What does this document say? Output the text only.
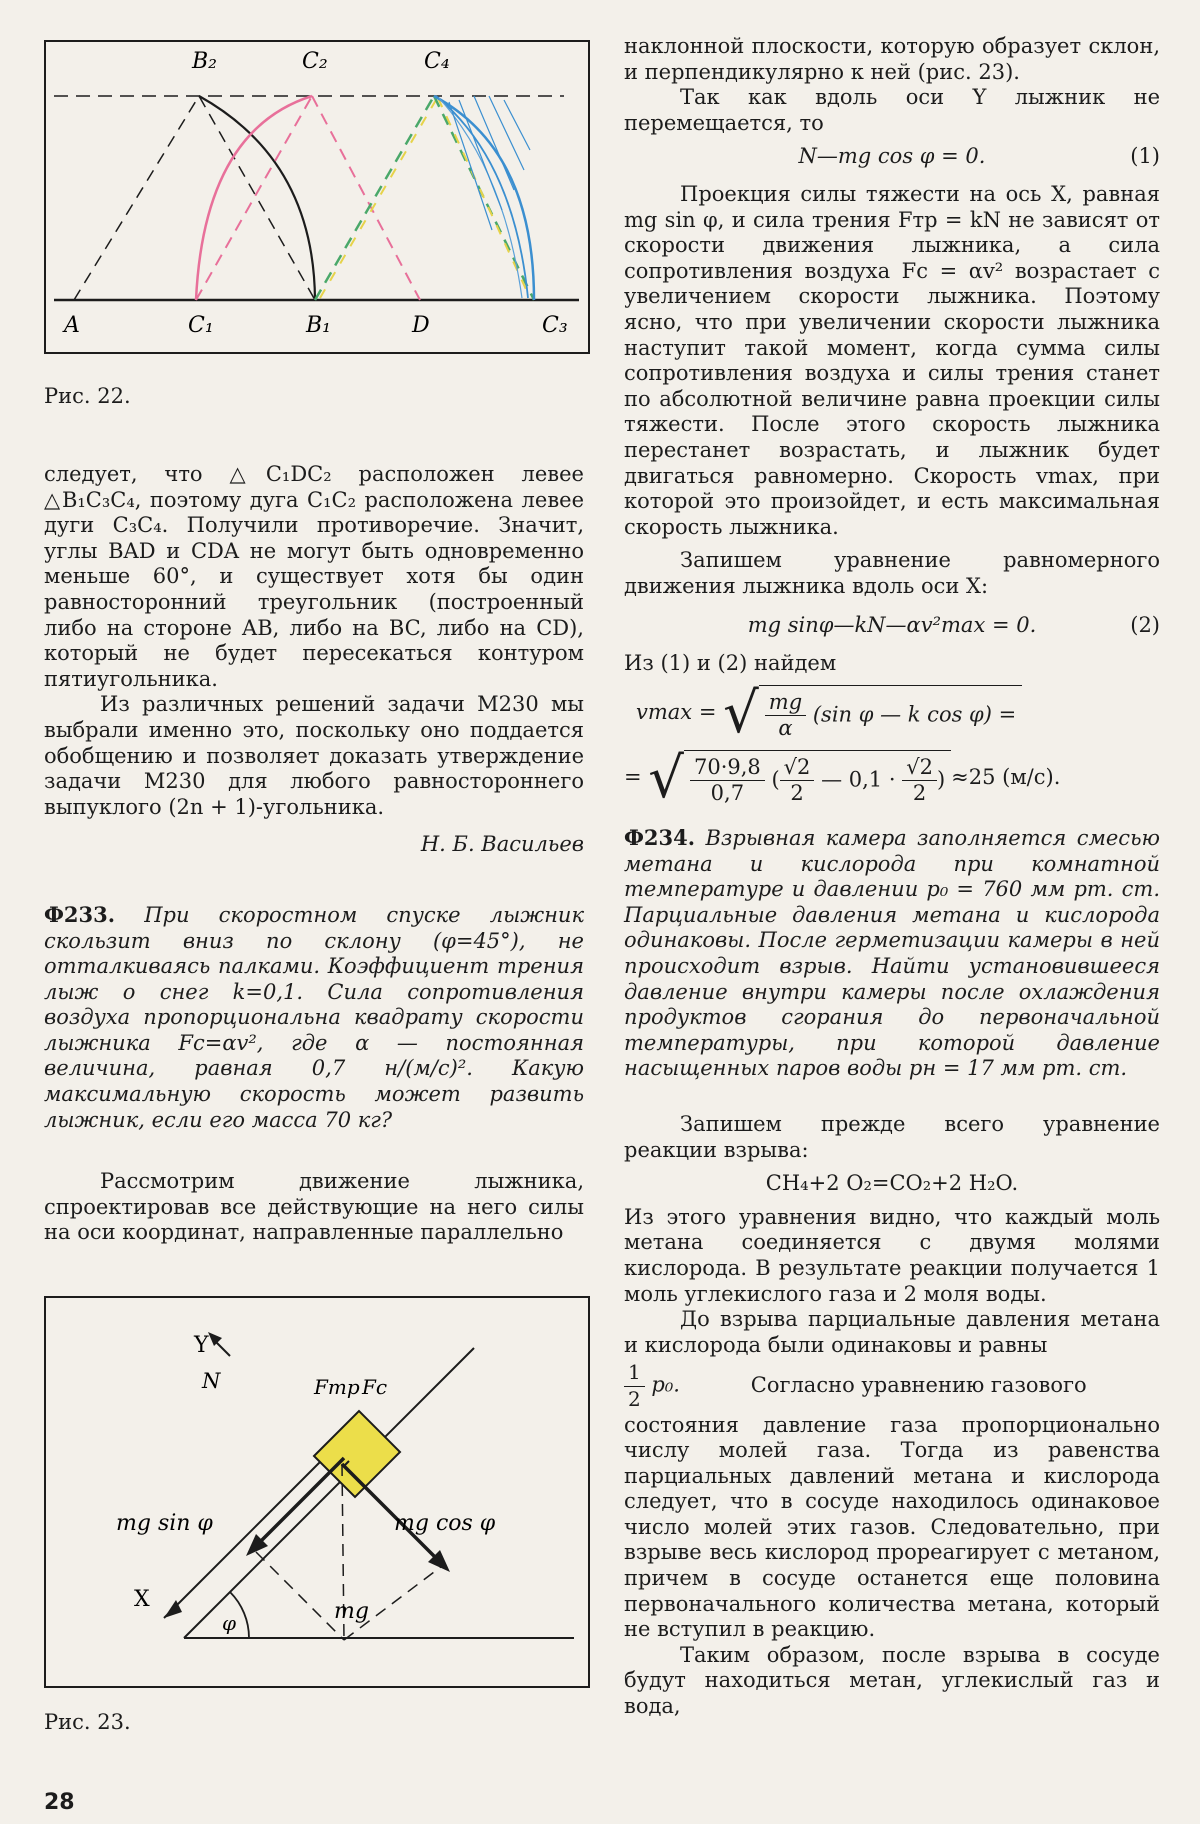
B₂	C₂	C₄
A	C₁	B₁	D	C₃
Рис. 22.

следует, что △C₁DC₂ расположен левее △B₁C₃C₄, поэтому дуга C₁C₂ расположена левее дуги C₃C₄. Получили противоречие. Значит, углы BAD и CDA не могут быть одновременно меньше 60°, и существует хотя бы один равносторонний треугольник (построенный либо на стороне AB, либо на BC, либо на CD), который не будет пересекаться контуром пятиугольника.

Из различных решений задачи М230 мы выбрали именно это, поскольку оно поддается обобщению и позволяет доказать утверждение задачи М230 для любого равностороннего выпуклого (2n + 1)-угольника.

Н. Б. Васильев

Ф233. При скоростном спуске лыжник скользит вниз по склону (φ=45°), не отталкиваясь палками. Коэффициент трения лыж о снег k=0,1. Сила сопротивления воздуха пропорциональна квадрату скорости лыжника Fс=αv², где α — постоянная величина, равная 0,7 н/(м/с)². Какую максимальную скорость может развить лыжник, если его масса 70 кг?

Рассмотрим движение лыжника, спроектировав все действующие на него силы на оси координат, направленные параллельно

Y
N	Fтр Fс
mg sin φ	mg cos φ
X
φ	mg
Рис. 23.

наклонной плоскости, которую образует склон, и перпендикулярно к ней (рис. 23).

Так как вдоль оси Y лыжник не перемещается, то

N—mg cos φ = 0.	(1)

Проекция силы тяжести на ось X, равная mg sin φ, и сила трения Fтр = kN не зависят от скорости движения лыжника, а сила сопротивления воздуха Fс = αv² возрастает с увеличением скорости лыжника. Поэтому ясно, что при увеличении скорости лыжника наступит такой момент, когда сумма силы сопротивления воздуха и силы трения станет по абсолютной величине равна проекции силы тяжести. После этого скорость лыжника перестанет возрастать, и лыжник будет двигаться равномерно. Скорость vmax, при которой это произойдет, и есть максимальная скорость лыжника.

Запишем уравнение равномерного движения лыжника вдоль оси X:

mg sinφ—kN—αv²max = 0.	(2)

Из (1) и (2) найдем

vmax = √ $\frac{mg}{\alpha} (\sin$ φ — k cos φ) =
= √ $\frac{70\cdot 9,8}{0,7}$ ( $\frac{√2}{2}$ — $0,1 \cdot \frac{√2}{2} )\approx 25$ (м/с).

Ф234. Взрывная камера заполняется смесью метана и кислорода при комнатной температуре и давлении p₀ = 760 мм рт. ст. Парциальные давления метана и кислорода одинаковы. После герметизации камеры в ней происходит взрыв. Найти установившееся давление внутри камеры после охлаждения продуктов сгорания до первоначальной температуры, при которой давление насыщенных паров воды pн = 17 мм рт. ст.

Запишем прежде всего уравнение реакции взрыва:

CH₄+2 O₂=CO₂+2 H₂O.

Из этого уравнения видно, что каждый моль метана соединяется с двумя молями кислорода. В результате реакции получается 1 моль углекислого газа и 2 моля воды.

До взрыва парциальные давления метана и кислорода были одинаковы и равны

$\frac{1}{2} p_0$.	Согласно уравнению газового

состояния давление газа пропорционально числу молей газа. Тогда из равенства парциальных давлений метана и кислорода следует, что в сосуде находилось одинаковое число молей этих газов. Следовательно, при взрыве весь кислород прореагирует с метаном, причем в сосуде останется еще половина первоначального количества метана, который не вступил в реакцию.

Таким образом, после взрыва в сосуде будут находиться метан, углекислый газ и вода,

28
